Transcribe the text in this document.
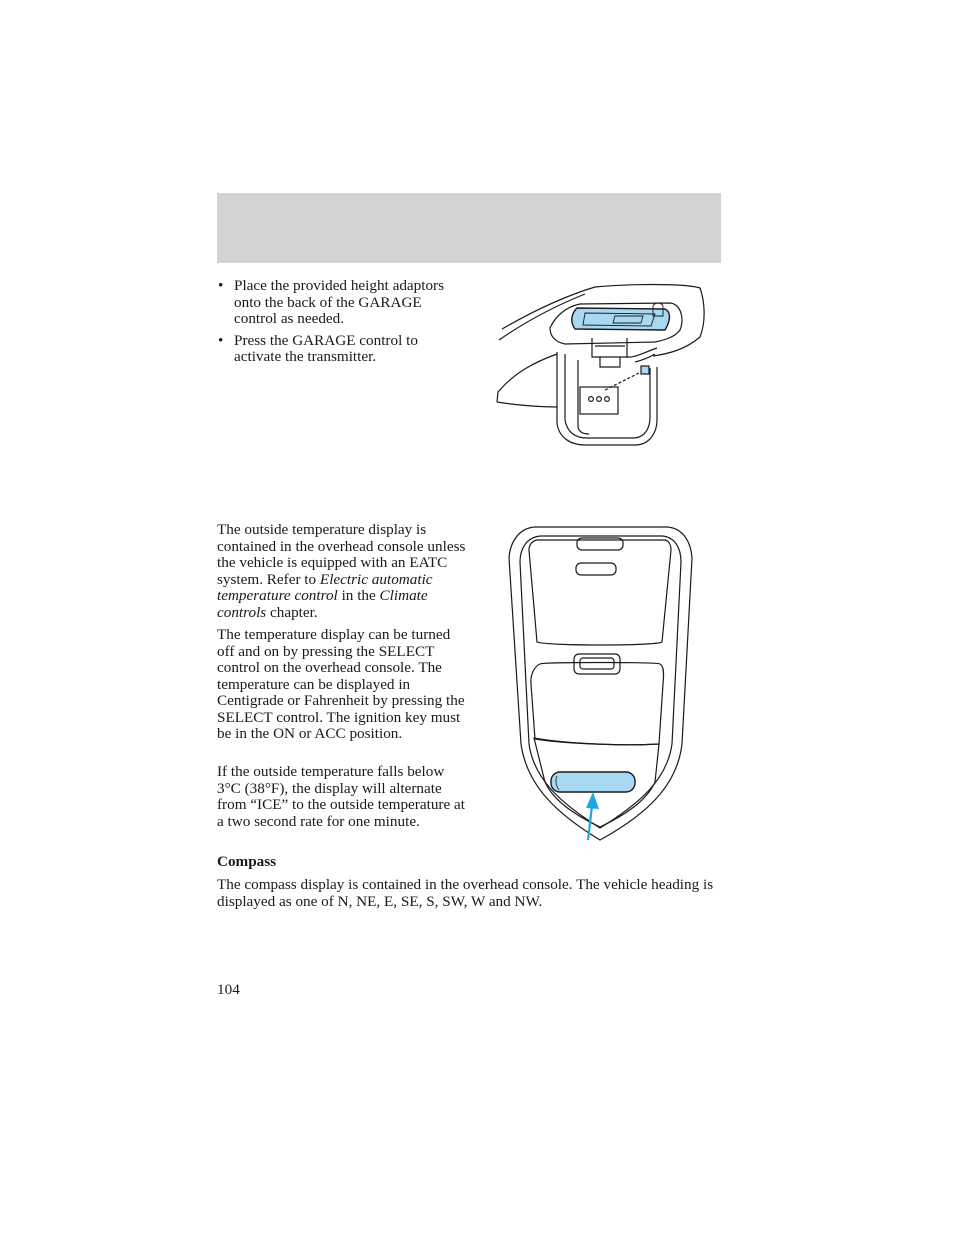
• Place the provided height adaptors onto the back of the GARAGE control as needed.
• Press the GARAGE control to activate the transmitter.

The outside temperature display is contained in the overhead console unless the vehicle is equipped with an EATC system. Refer to Electric automatic temperature control in the Climate controls chapter.

The temperature display can be turned off and on by pressing the SELECT control on the overhead console. The temperature can be displayed in Centigrade or Fahrenheit by pressing the SELECT control. The ignition key must be in the ON or ACC position.

If the outside temperature falls below 3°C (38°F), the display will alternate from “ICE” to the outside temperature at a two second rate for one minute.

Compass

The compass display is contained in the overhead console. The vehicle heading is displayed as one of N, NE, E, SE, S, SW, W and NW.

104
